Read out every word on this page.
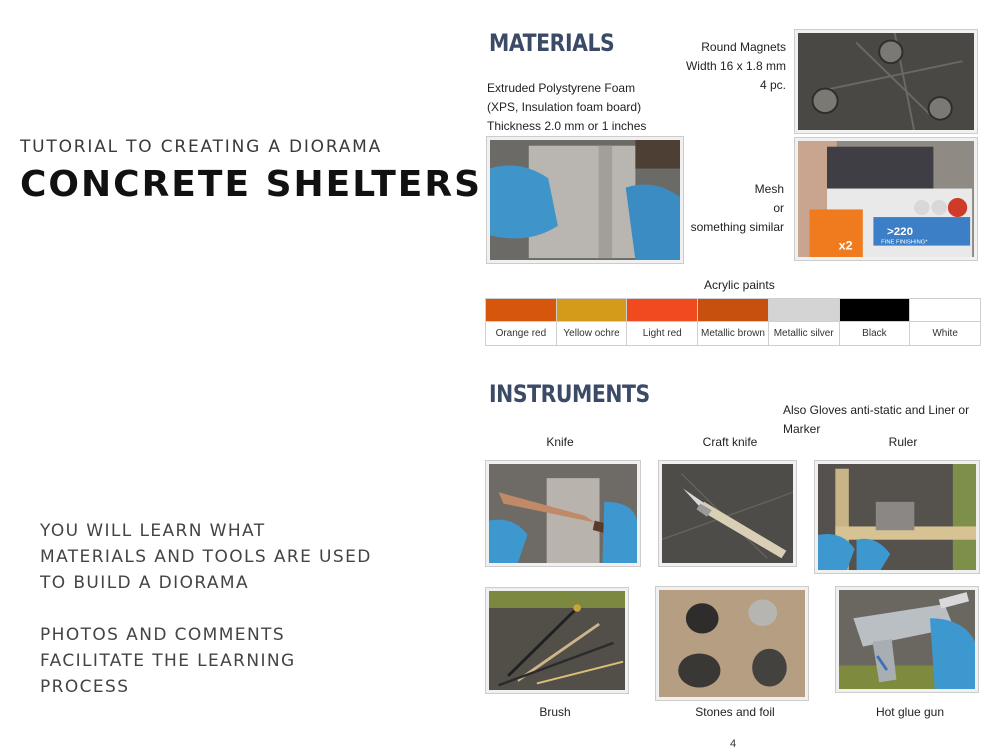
TUTORIAL TO CREATING A DIORAMA
CONCRETE SHELTERS

YOU WILL LEARN WHAT
MATERIALS AND TOOLS ARE USED
TO BUILD A DIORAMA

PHOTOS AND COMMENTS
FACILITATE THE LEARNING
PROCESS

MATERIALS
Extruded Polystyrene Foam
(XPS, Insulation foam board)
Thickness 2.0 mm or 1 inches
Round Magnets
Width 16 x 1.8 mm
4 pc.
Mesh
or
something similar	>220
FINE FINISHING*
x2
Acrylic paints

Orange red	Yellow ochre	Light red	Metallic brown	Metallic silver	Black	White
INSTRUMENTS
Also Gloves anti-static and Liner or Marker
Knife	Craft knife	Ruler
Brush	Stones and foil	Hot glue gun
4
